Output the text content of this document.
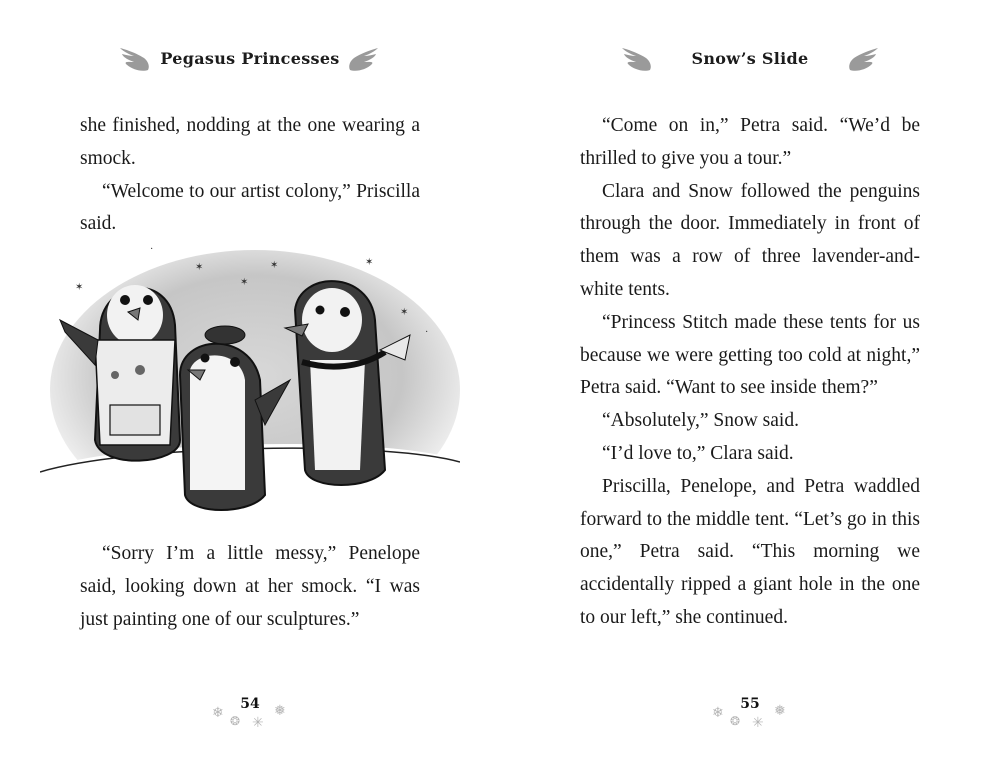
Pegasus Princesses

she finished, nodding at the one wearing a smock.

“Welcome to our artist colony,” Priscilla said.

✶
✶
✶
✶	✶
✶
·
·

“Sorry I’m a little messy,” Penelope said, looking down at her smock. “I was just painting one of our sculptures.”

❄ ❂ ✳
❅
54
Snow’s Slide

“Come on in,” Petra said. “We’d be thrilled to give you a tour.”

Clara and Snow followed the penguins through the door. Immediately in front of them was a row of three lavender-and-white tents.

“Princess Stitch made these tents for us because we were getting too cold at night,” Petra said. “Want to see inside them?”

“Absolutely,” Snow said.

“I’d love to,” Clara said.

Priscilla, Penelope, and Petra waddled forward to the middle tent. “Let’s go in this one,” Petra said. “This morning we accidentally ripped a giant hole in the one to our left,” she continued.

❄ ❂ ✳
❅
55
